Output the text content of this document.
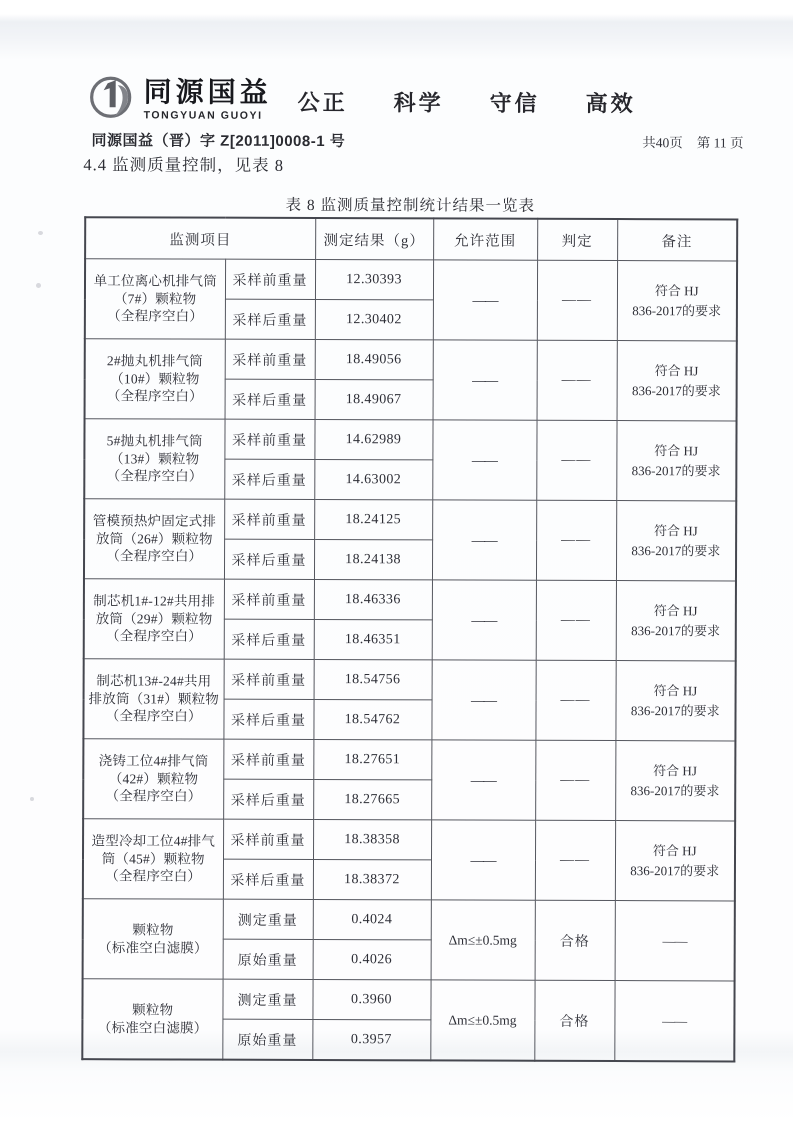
同源国益
TONGYUAN GUOYI	公正 科学 守信 高效
同源国益（晋）字 Z[2011]0008-1 号	共40页 第 11 页
4.4 监测质量控制，见表 8
表 8 监测质量控制统计结果一览表
监测项目		测定结果（g）	允许范围	判定	备注
单工位离心机排气筒
（7#）颗粒物
（全程序空白）	采样前重量	12.30393	——	——	符合 HJ
836-2017的要求
	采样后重量	12.30402			
2#抛丸机排气筒
（10#）颗粒物
（全程序空白）	采样前重量	18.49056	——	——	符合 HJ
836-2017的要求
	采样后重量	18.49067			
5#抛丸机排气筒
（13#）颗粒物
（全程序空白）	采样前重量	14.62989	——	——	符合 HJ
836-2017的要求
	采样后重量	14.63002			
管模预热炉固定式排
放筒（26#）颗粒物
（全程序空白）	采样前重量	18.24125	——	——	符合 HJ
836-2017的要求
	采样后重量	18.24138			
制芯机1#-12#共用排
放筒（29#）颗粒物
（全程序空白）	采样前重量	18.46336	——	——	符合 HJ
836-2017的要求
	采样后重量	18.46351			
制芯机13#-24#共用
排放筒（31#）颗粒物
（全程序空白）	采样前重量	18.54756	——	——	符合 HJ
836-2017的要求
	采样后重量	18.54762			
浇铸工位4#排气筒
（42#）颗粒物
（全程序空白）	采样前重量	18.27651	——	——	符合 HJ
836-2017的要求
	采样后重量	18.27665			
造型冷却工位4#排气
筒（45#）颗粒物
（全程序空白）	采样前重量	18.38358	——	——	符合 HJ
836-2017的要求
	采样后重量	18.38372			
颗粒物
（标准空白滤膜）	测定重量	0.4024	Δm≤±0.5mg	合格	——
	原始重量	0.4026			
颗粒物
（标准空白滤膜）	测定重量	0.3960	Δm≤±0.5mg	合格	——
	原始重量	0.3957			
